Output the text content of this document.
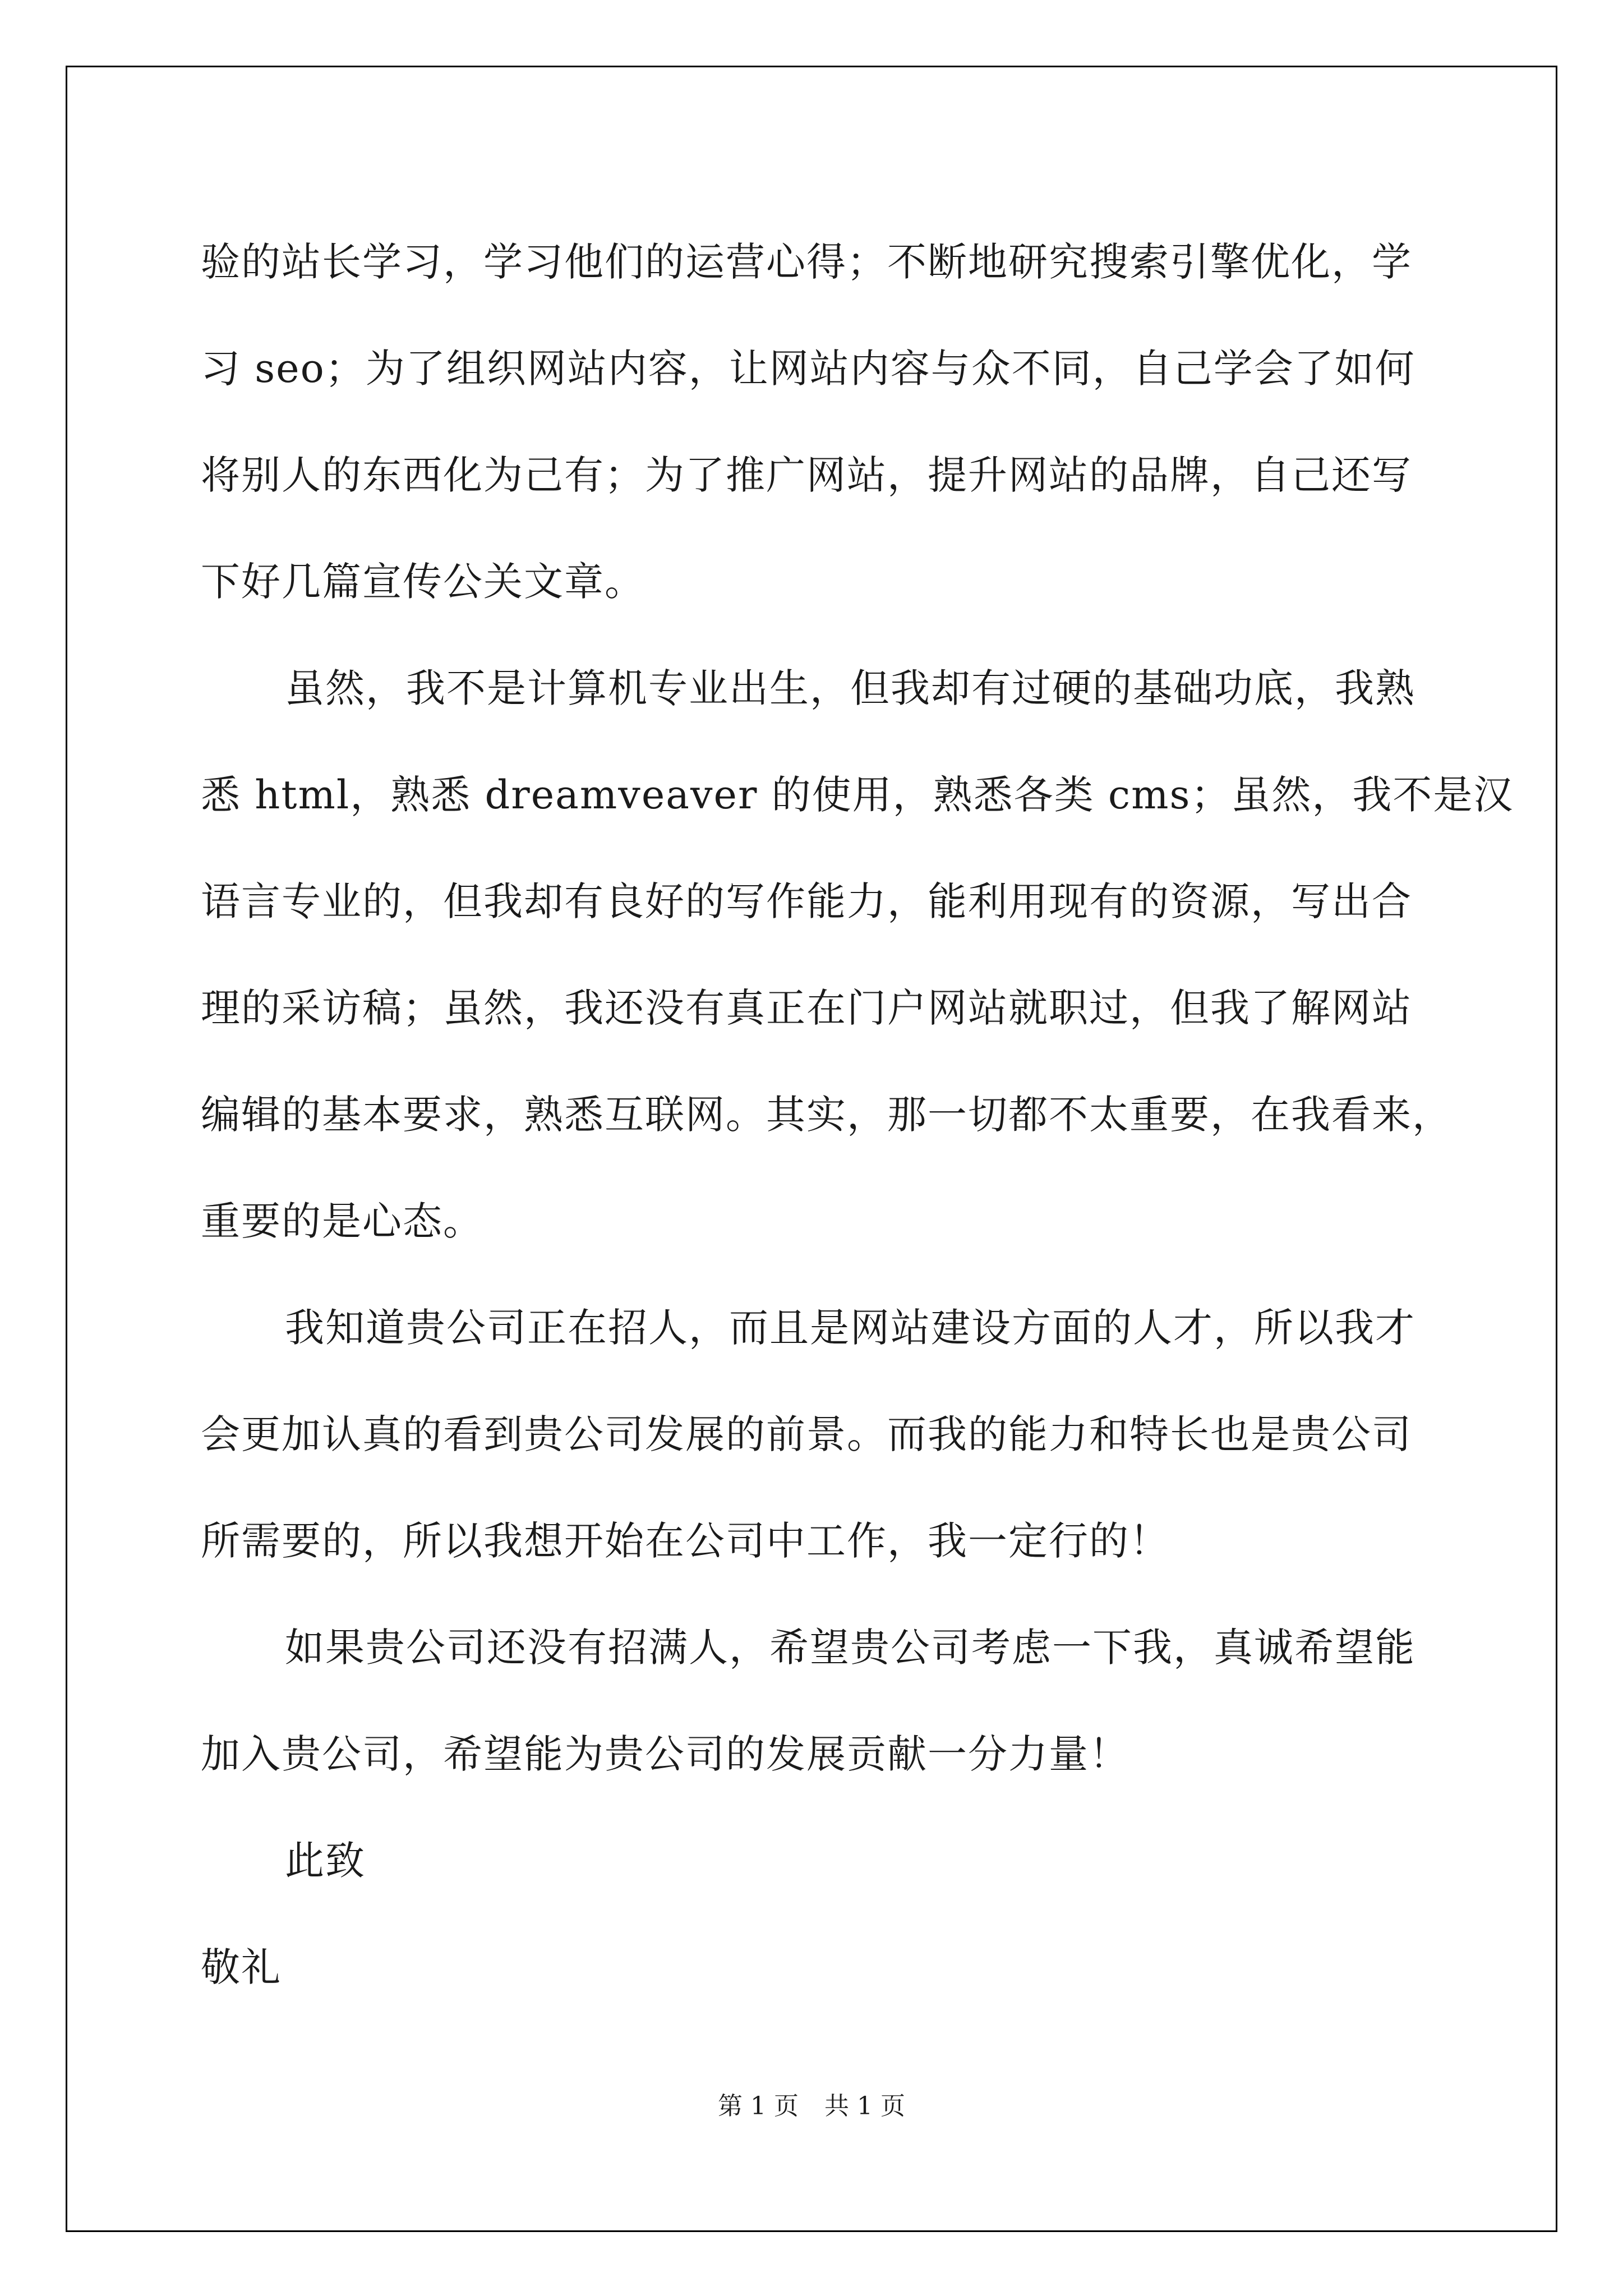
验的站长学习，学习他们的运营心得；不断地研究搜索引擎优化，学
习 seo；为了组织网站内容，让网站内容与众不同，自己学会了如何
将别人的东西化为己有；为了推广网站，提升网站的品牌，自己还写
下好几篇宣传公关文章。

虽然，我不是计算机专业出生，但我却有过硬的基础功底，我熟
悉 html，熟悉 dreamveaver 的使用，熟悉各类 cms；虽然，我不是汉
语言专业的，但我却有良好的写作能力，能利用现有的资源，写出合
理的采访稿；虽然，我还没有真正在门户网站就职过，但我了解网站
编辑的基本要求，熟悉互联网。其实，那一切都不太重要，在我看来，
重要的是心态。

我知道贵公司正在招人，而且是网站建设方面的人才，所以我才
会更加认真的看到贵公司发展的前景。而我的能力和特长也是贵公司
所需要的，所以我想开始在公司中工作，我一定行的！

如果贵公司还没有招满人，希望贵公司考虑一下我，真诚希望能
加入贵公司，希望能为贵公司的发展贡献一分力量！

此致

敬礼

第 1 页 共 1 页
